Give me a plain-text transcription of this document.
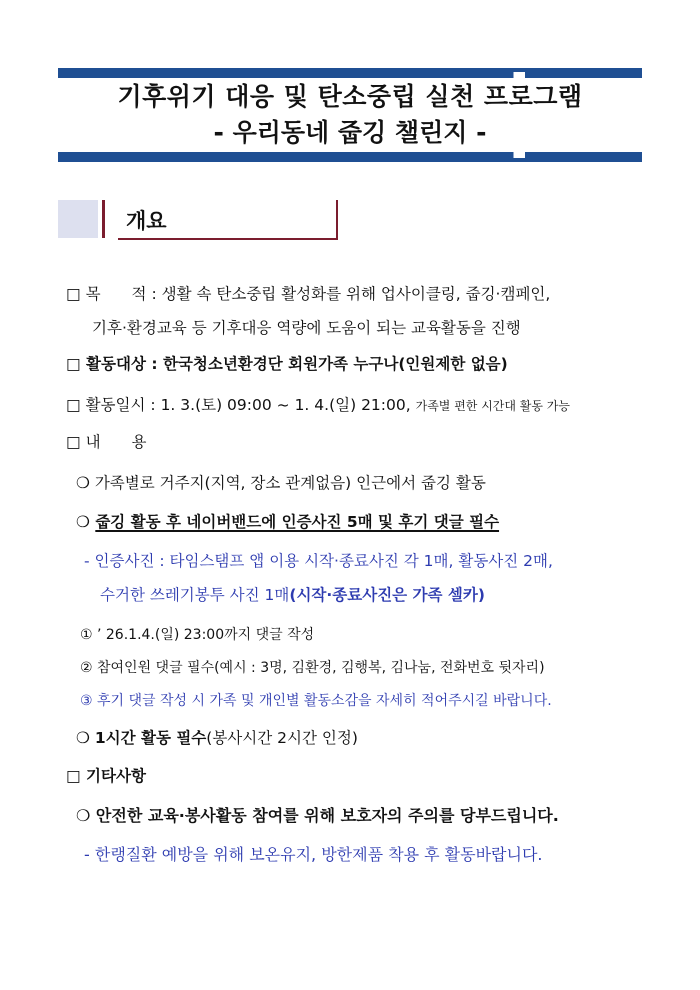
기후위기 대응 및 탄소중립 실천 프로그램
- 우리동네 줍깅 챌린지 -
개요
□ 목　　적 : 생활 속 탄소중립 활성화를 위해 업사이클링, 줍깅·캠페인,
기후·환경교육 등 기후대응 역량에 도움이 되는 교육활동을 진행
□ 활동대상 : 한국청소년환경단 회원가족 누구나(인원제한 없음)
□ 활동일시 : 1. 3.(토) 09:00 ~ 1. 4.(일) 21:00, 가족별 편한 시간대 활동 가능
□ 내　　용
❍ 가족별로 거주지(지역, 장소 관계없음) 인근에서 줍깅 활동
❍ 줍깅 활동 후 네이버밴드에 인증사진 5매 및 후기 댓글 필수
- 인증사진 : 타임스탬프 앱 이용 시작·종료사진 각 1매, 활동사진 2매,
수거한 쓰레기봉투 사진 1매(시작·종료사진은 가족 셀카)
① ’ 26.1.4.(일) 23:00까지 댓글 작성
② 참여인원 댓글 필수(예시 : 3명, 김환경, 김행복, 김나눔, 전화번호 뒷자리)
③ 후기 댓글 작성 시 가족 및 개인별 활동소감을 자세히 적어주시길 바랍니다.
❍ 1시간 활동 필수(봉사시간 2시간 인정)
□ 기타사항
❍ 안전한 교육·봉사활동 참여를 위해 보호자의 주의를 당부드립니다.
- 한랭질환 예방을 위해 보온유지, 방한제품 착용 후 활동바랍니다.
